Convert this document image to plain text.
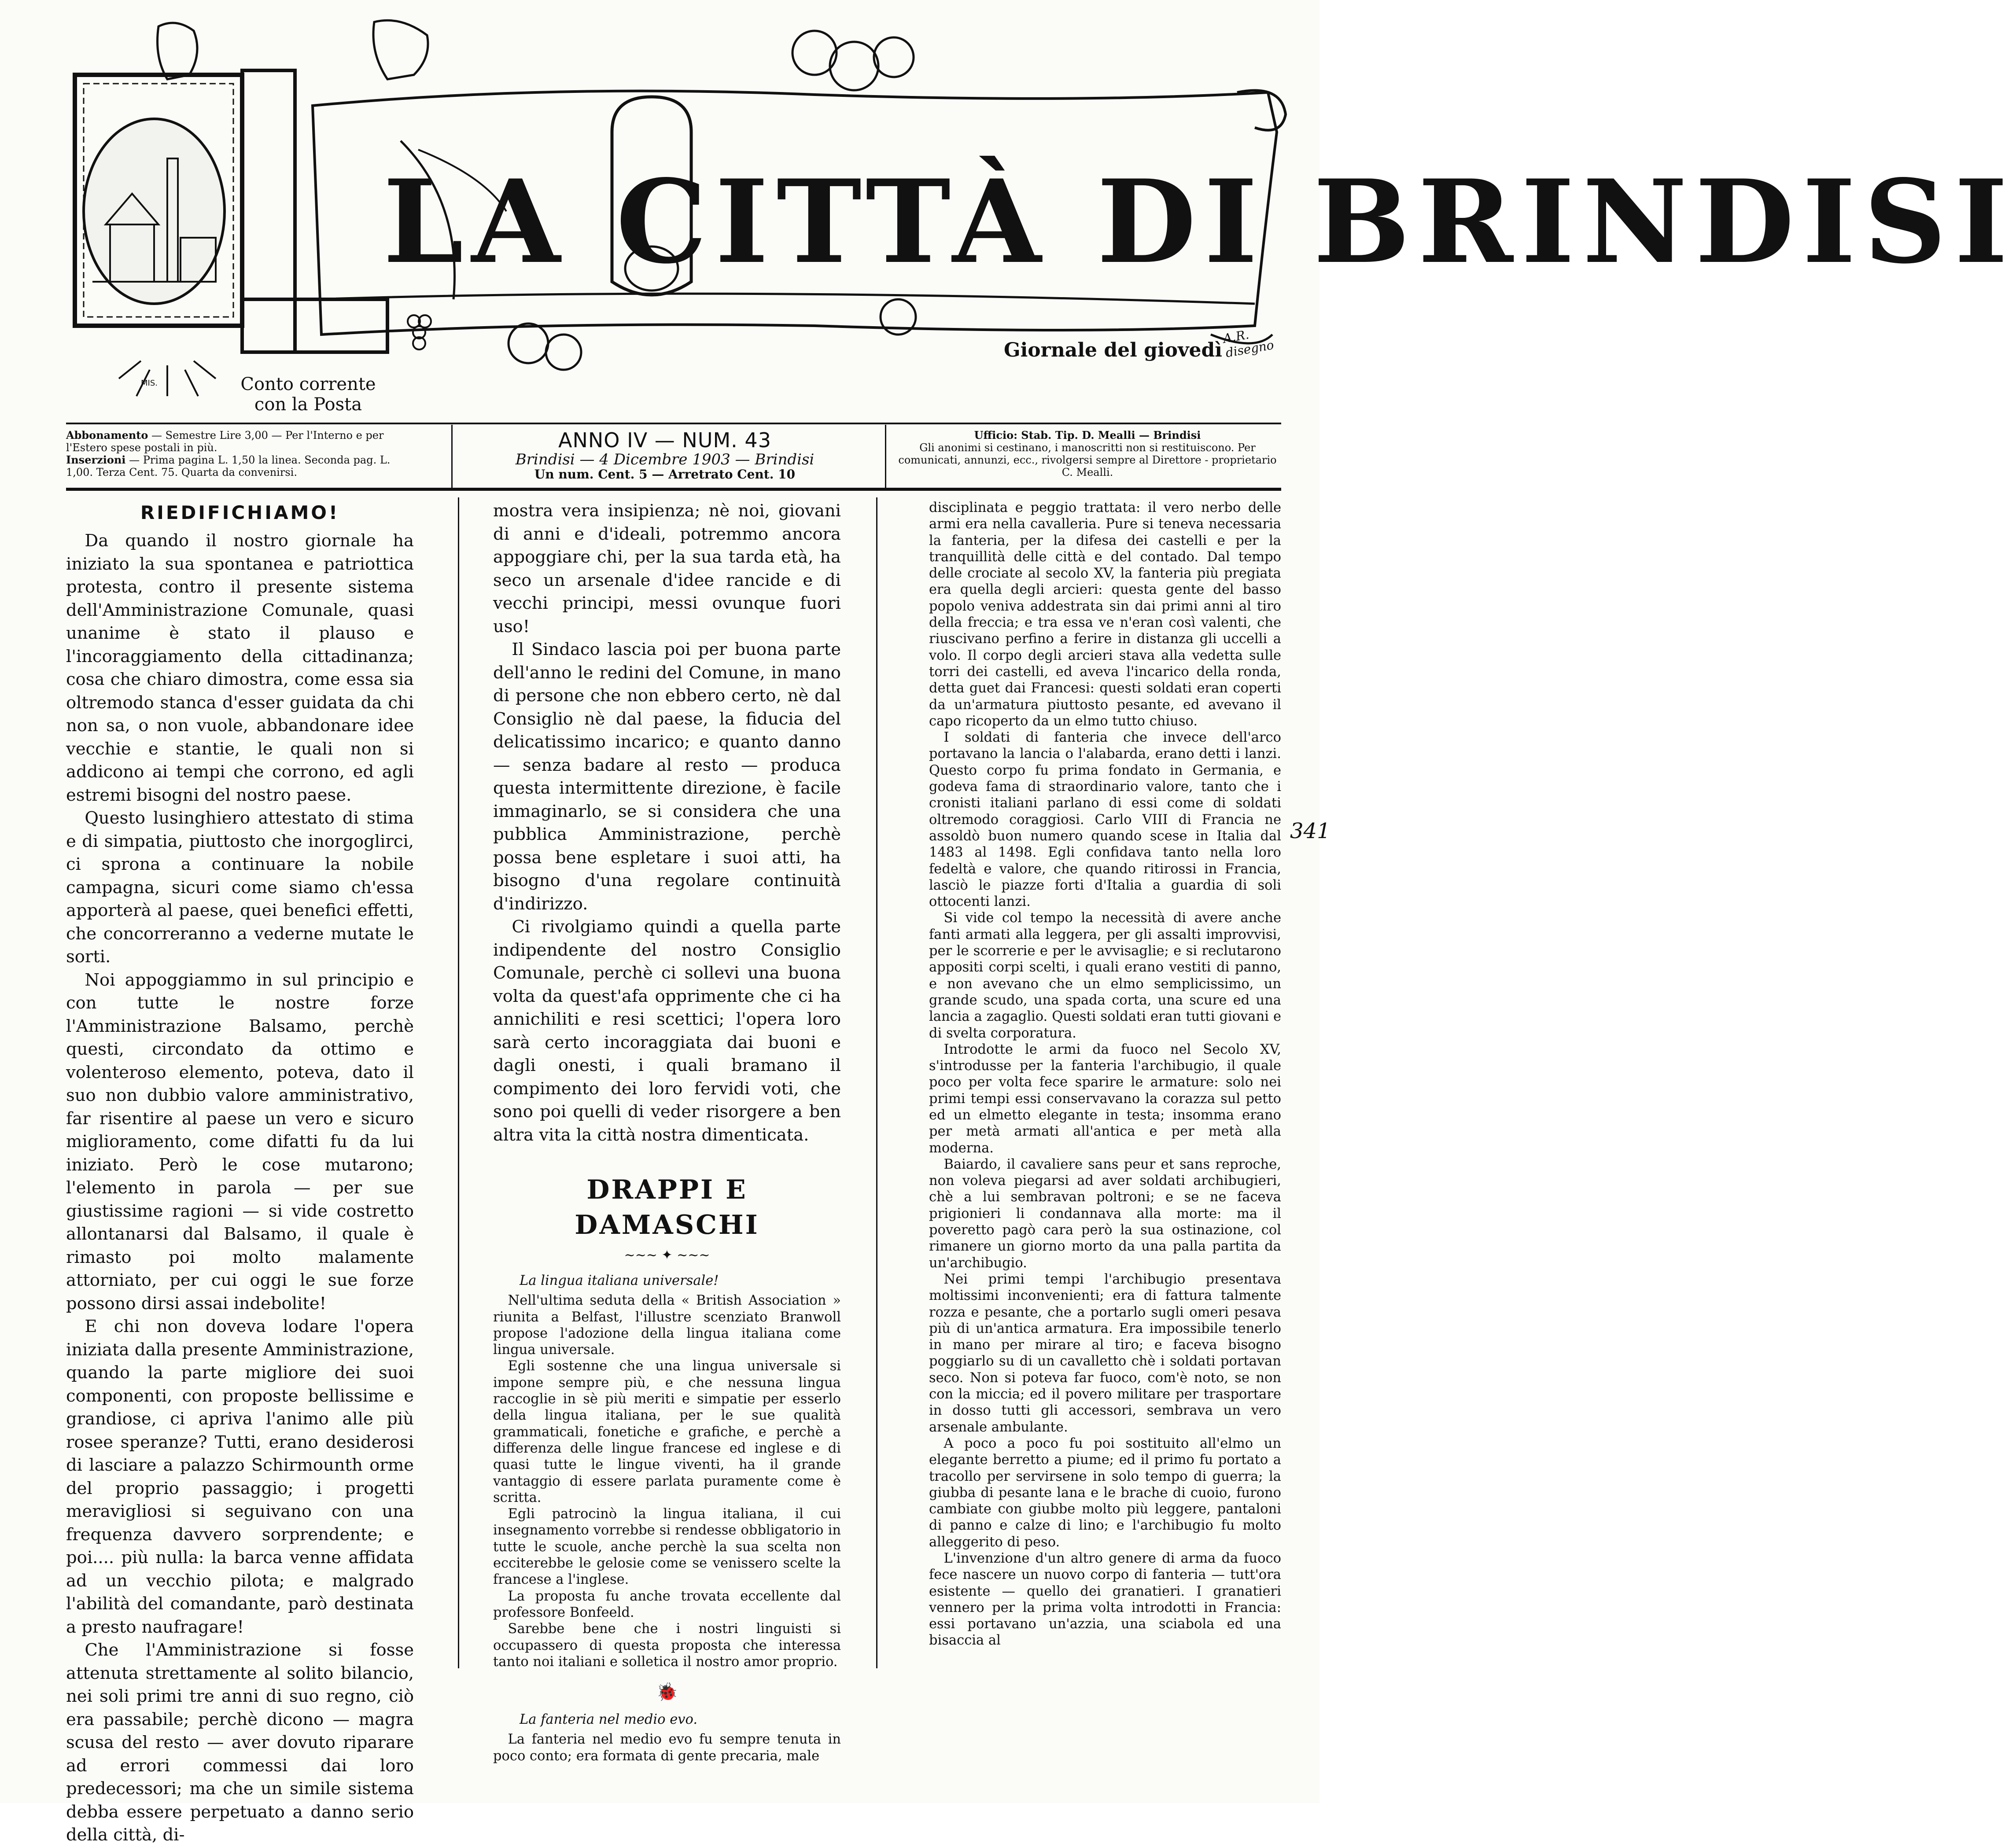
LA CITTÀ DI BRINDISI
Giornale del giovedì
A.R. disegno
MIS.	Conto corrente con la Posta
341
Abbonamento — Semestre Lire 3,00 — Per l'Interno e per l'Estero spese postali in più.
Inserzioni — Prima pagina L. 1,50 la linea. Seconda pag. L. 1,00. Terza Cent. 75. Quarta da convenirsi.
ANNO IV — NUM. 43
Brindisi — 4 Dicembre 1903 — Brindisi
Un num. Cent. 5 — Arretrato Cent. 10
Ufficio: Stab. Tip. D. Mealli — Brindisi
Gli anonimi si cestinano, i manoscritti non si restituiscono. Per comunicati, annunzi, ecc., rivolgersi sempre al Direttore - proprietario C. Mealli.
RIEDIFICHIAMO!

Da quando il nostro giornale ha iniziato la sua spontanea e patriottica protesta, contro il presente sistema dell'Amministrazione Comunale, quasi unanime è stato il plauso e l'incoraggiamento della cittadinanza; cosa che chiaro dimostra, come essa sia oltremodo stanca d'esser guidata da chi non sa, o non vuole, abbandonare idee vecchie e stantie, le quali non si addicono ai tempi che corrono, ed agli estremi bisogni del nostro paese.

Questo lusinghiero attestato di stima e di simpatia, piuttosto che inorgoglirci, ci sprona a continuare la nobile campagna, sicuri come siamo ch'essa apporterà al paese, quei benefici effetti, che concorreranno a vederne mutate le sorti.

Noi appoggiammo in sul principio e con tutte le nostre forze l'Amministrazione Balsamo, perchè questi, circondato da ottimo e volenteroso elemento, poteva, dato il suo non dubbio valore amministrativo, far risentire al paese un vero e sicuro miglioramento, come difatti fu da lui iniziato. Però le cose mutarono; l'elemento in parola — per sue giustissime ragioni — si vide costretto allontanarsi dal Balsamo, il quale è rimasto poi molto malamente attorniato, per cui oggi le sue forze possono dirsi assai indebolite!

E chi non doveva lodare l'opera iniziata dalla presente Amministrazione, quando la parte migliore dei suoi componenti, con proposte bellissime e grandiose, ci apriva l'animo alle più rosee speranze? Tutti, erano desiderosi di lasciare a palazzo Schirmounth orme del proprio passaggio; i progetti meravigliosi si seguivano con una frequenza davvero sorprendente; e poi.... più nulla: la barca venne affidata ad un vecchio pilota; e malgrado l'abilità del comandante, parò destinata a presto naufragare!

Che l'Amministrazione si fosse attenuta strettamente al solito bilancio, nei soli primi tre anni di suo regno, ciò era passabile; perchè dicono — magra scusa del resto — aver dovuto riparare ad errori commessi dai loro predecessori; ma che un simile sistema debba essere perpetuato a danno serio della città, di-

mostra vera insipienza; nè noi, giovani di anni e d'ideali, potremmo ancora appoggiare chi, per la sua tarda età, ha seco un arsenale d'idee rancide e di vecchi principi, messi ovunque fuori uso!

Il Sindaco lascia poi per buona parte dell'anno le redini del Comune, in mano di persone che non ebbero certo, nè dal Consiglio nè dal paese, la fiducia del delicatissimo incarico; e quanto danno — senza badare al resto — produca questa intermittente direzione, è facile immaginarlo, se si considera che una pubblica Amministrazione, perchè possa bene espletare i suoi atti, ha bisogno d'una regolare continuità d'indirizzo.

Ci rivolgiamo quindi a quella parte indipendente del nostro Consiglio Comunale, perchè ci sollevi una buona volta da quest'afa opprimente che ci ha annichiliti e resi scettici; l'opera loro sarà certo incoraggiata dai buoni e dagli onesti, i quali bramano il compimento dei loro fervidi voti, che sono poi quelli di veder risorgere a ben altra vita la città nostra dimenticata.

DRAPPI E DAMASCHI
~~~ ✦ ~~~
La lingua italiana universale!

Nell'ultima seduta della « British Association » riunita a Belfast, l'illustre scenziato Branwoll propose l'adozione della lingua italiana come lingua universale.

Egli sostenne che una lingua universale si impone sempre più, e che nessuna lingua raccoglie in sè più meriti e simpatie per esserlo della lingua italiana, per le sue qualità grammaticali, fonetiche e grafiche, e perchè a differenza delle lingue francese ed inglese e di quasi tutte le lingue viventi, ha il grande vantaggio di essere parlata puramente come è scritta.

Egli patrocinò la lingua italiana, il cui insegnamento vorrebbe si rendesse obbligatorio in tutte le scuole, anche perchè la sua scelta non ecciterebbe le gelosie come se venissero scelte la francese a l'inglese.

La proposta fu anche trovata eccellente dal professore Bonfeeld.

Sarebbe bene che i nostri linguisti si occupassero di questa proposta che interessa tanto noi italiani e solletica il nostro amor proprio.

🐞
La fanteria nel medio evo.

La fanteria nel medio evo fu sempre tenuta in poco conto; era formata di gente precaria, male

disciplinata e peggio trattata: il vero nerbo delle armi era nella cavalleria. Pure si teneva necessaria la fanteria, per la difesa dei castelli e per la tranquillità delle città e del contado. Dal tempo delle crociate al secolo XV, la fanteria più pregiata era quella degli arcieri: questa gente del basso popolo veniva addestrata sin dai primi anni al tiro della freccia; e tra essa ve n'eran così valenti, che riuscivano perfino a ferire in distanza gli uccelli a volo. Il corpo degli arcieri stava alla vedetta sulle torri dei castelli, ed aveva l'incarico della ronda, detta guet dai Francesi: questi soldati eran coperti da un'armatura piuttosto pesante, ed avevano il capo ricoperto da un elmo tutto chiuso.

I soldati di fanteria che invece dell'arco portavano la lancia o l'alabarda, erano detti i lanzi. Questo corpo fu prima fondato in Germania, e godeva fama di straordinario valore, tanto che i cronisti italiani parlano di essi come di soldati oltremodo coraggiosi. Carlo VIII di Francia ne assoldò buon numero quando scese in Italia dal 1483 al 1498. Egli confidava tanto nella loro fedeltà e valore, che quando ritirossi in Francia, lasciò le piazze forti d'Italia a guardia di soli ottocenti lanzi.

Si vide col tempo la necessità di avere anche fanti armati alla leggera, per gli assalti improvvisi, per le scorrerie e per le avvisaglie; e si reclutarono appositi corpi scelti, i quali erano vestiti di panno, e non avevano che un elmo semplicissimo, un grande scudo, una spada corta, una scure ed una lancia a zagaglio. Questi soldati eran tutti giovani e di svelta corporatura.

Introdotte le armi da fuoco nel Secolo XV, s'introdusse per la fanteria l'archibugio, il quale poco per volta fece sparire le armature: solo nei primi tempi essi conservavano la corazza sul petto ed un elmetto elegante in testa; insomma erano per metà armati all'antica e per metà alla moderna.

Baiardo, il cavaliere sans peur et sans reproche, non voleva piegarsi ad aver soldati archibugieri, chè a lui sembravan poltroni; e se ne faceva prigionieri li condannava alla morte: ma il poveretto pagò cara però la sua ostinazione, col rimanere un giorno morto da una palla partita da un'archibugio.

Nei primi tempi l'archibugio presentava moltissimi inconvenienti; era di fattura talmente rozza e pesante, che a portarlo sugli omeri pesava più di un'antica armatura. Era impossibile tenerlo in mano per mirare al tiro; e faceva bisogno poggiarlo su di un cavalletto chè i soldati portavan seco. Non si poteva far fuoco, com'è noto, se non con la miccia; ed il povero militare per trasportare in dosso tutti gli accessori, sembrava un vero arsenale ambulante.

A poco a poco fu poi sostituito all'elmo un elegante berretto a piume; ed il primo fu portato a tracollo per servirsene in solo tempo di guerra; la giubba di pesante lana e le brache di cuoio, furono cambiate con giubbe molto più leggere, pantaloni di panno e calze di lino; e l'archibugio fu molto alleggerito di peso.

L'invenzione d'un altro genere di arma da fuoco fece nascere un nuovo corpo di fanteria — tutt'ora esistente — quello dei granatieri. I granatieri vennero per la prima volta introdotti in Francia: essi portavano un'azzia, una sciabola ed una bisaccia al
